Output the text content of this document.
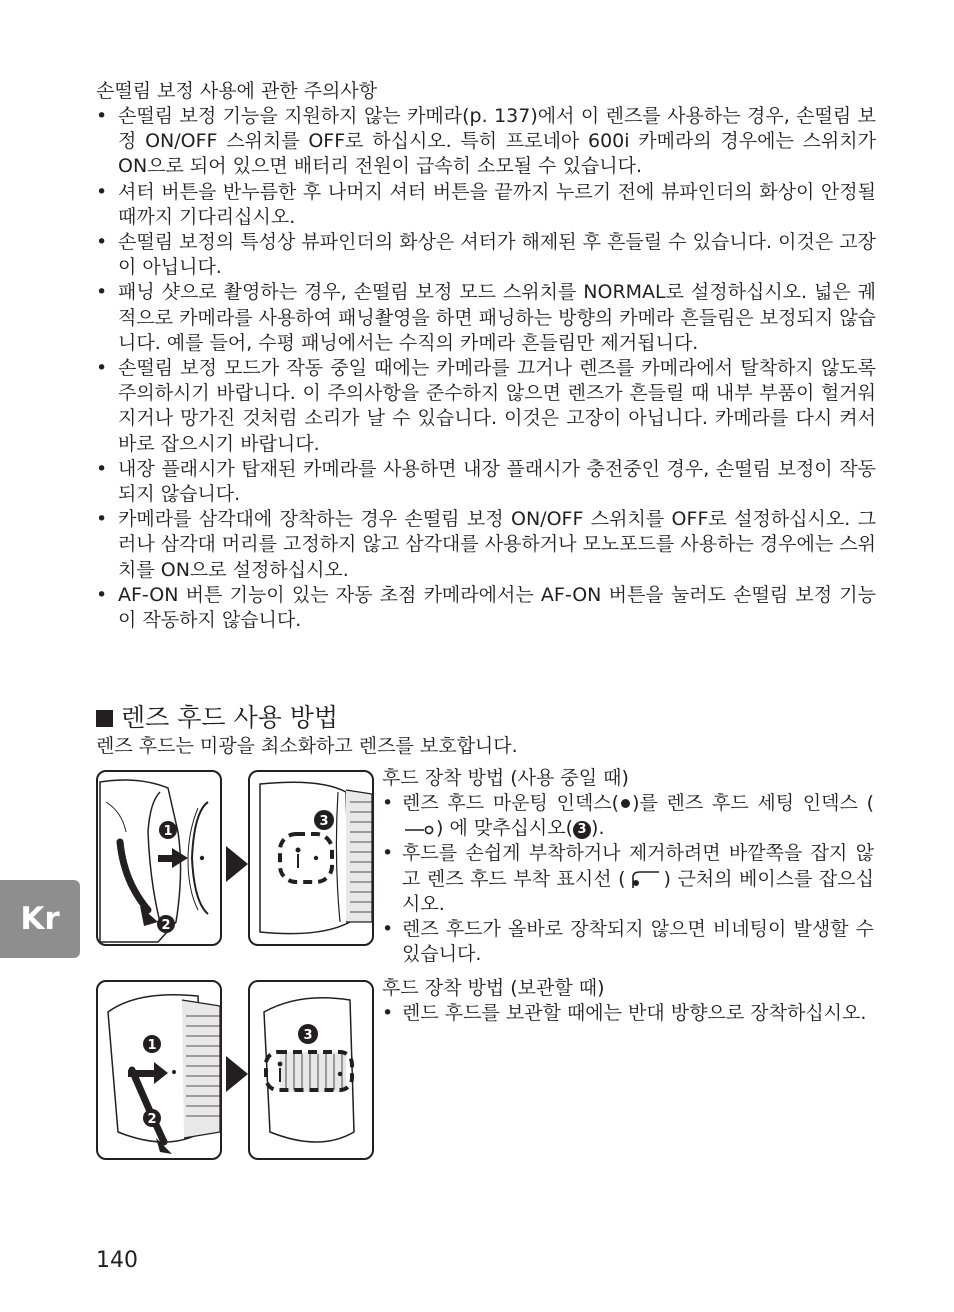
손떨림 보정 사용에 관한 주의사항
• 손떨림 보정 기능을 지원하지 않는 카메라(p. 137)에서 이 렌즈를 사용하는 경우, 손떨림 보정 ON/OFF 스위치를 OFF로 하십시오. 특히 프로네아 600i 카메라의 경우에는 스위치가 ON으로 되어 있으면 배터리 전원이 급속히 소모될 수 있습니다.
• 셔터 버튼을 반누름한 후 나머지 셔터 버튼을 끝까지 누르기 전에 뷰파인더의 화상이 안정될 때까지 기다리십시오.
• 손떨림 보정의 특성상 뷰파인더의 화상은 셔터가 해제된 후 흔들릴 수 있습니다. 이것은 고장이 아닙니다.
• 패닝 샷으로 촬영하는 경우, 손떨림 보정 모드 스위치를 NORMAL로 설정하십시오. 넓은 궤적으로 카메라를 사용하여 패닝촬영을 하면 패닝하는 방향의 카메라 흔들림은 보정되지 않습니다. 예를 들어, 수평 패닝에서는 수직의 카메라 흔들림만 제거됩니다.
• 손떨림 보정 모드가 작동 중일 때에는 카메라를 끄거나 렌즈를 카메라에서 탈착하지 않도록 주의하시기 바랍니다. 이 주의사항을 준수하지 않으면 렌즈가 흔들릴 때 내부 부품이 헐거워지거나 망가진 것처럼 소리가 날 수 있습니다. 이것은 고장이 아닙니다. 카메라를 다시 켜서 바로 잡으시기 바랍니다.
• 내장 플래시가 탑재된 카메라를 사용하면 내장 플래시가 충전중인 경우, 손떨림 보정이 작동되지 않습니다.
• 카메라를 삼각대에 장착하는 경우 손떨림 보정 ON/OFF 스위치를 OFF로 설정하십시오. 그러나 삼각대 머리를 고정하지 않고 삼각대를 사용하거나 모노포드를 사용하는 경우에는 스위치를 ON으로 설정하십시오.
• AF-ON 버튼 기능이 있는 자동 초점 카메라에서는 AF-ON 버튼을 눌러도 손떨림 보정 기능이 작동하지 않습니다.
렌즈 후드 사용 방법
렌즈 후드는 미광을 최소화하고 렌즈를 보호합니다.
1
2
3
후드 장착 방법 (사용 중일 때)
• 렌즈 후드 마운팅 인덱스( )를 렌즈 후드 세팅 인덱스 () 에 맞추십시오( 3 ).
• 후드를 손쉽게 부착하거나 제거하려면 바깥쪽을 잡지 않고 렌즈 후드 부착 표시선 ( ) 근처의 베이스를 잡으십시오.
• 렌즈 후드가 올바로 장착되지 않으면 비네팅이 발생할 수 있습니다.
1
2
3
후드 장착 방법 (보관할 때)
• 렌드 후드를 보관할 때에는 반대 방향으로 장착하십시오.
Kr
140
